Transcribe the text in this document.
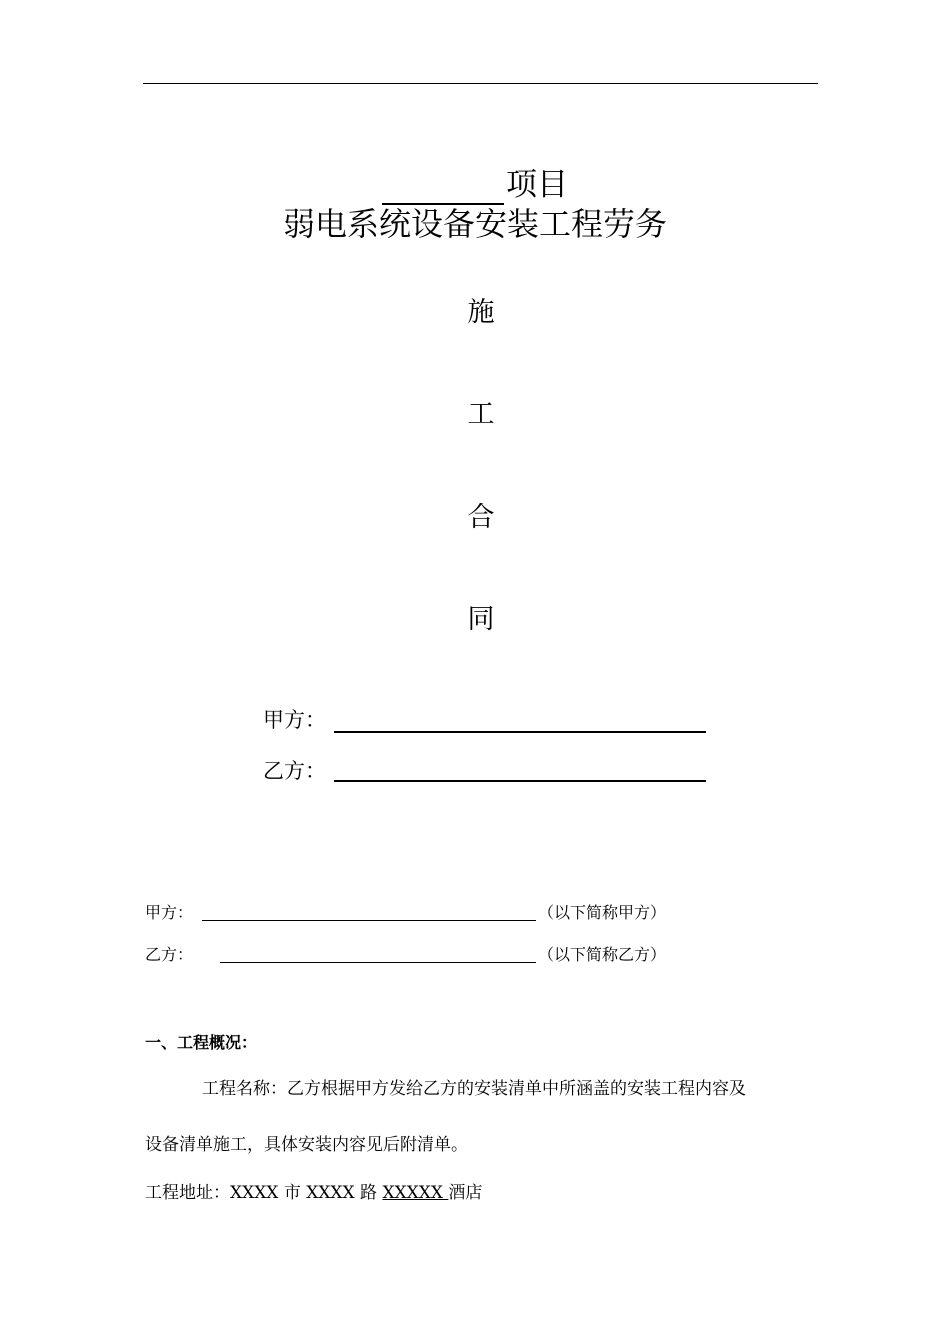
项目
弱电系统设备安装工程劳务
施
工
合
同
甲方：
乙方：
甲方：	（以下简称甲方）
乙方：	（以下简称乙方）
一、工程概况：
工程名称：乙方根据甲方发给乙方的安装清单中所涵盖的安装工程内容及
设备清单施工，具体安装内容见后附清单。
工程地址：XXXX 市 XXXX 路 XXXXX 酒店
